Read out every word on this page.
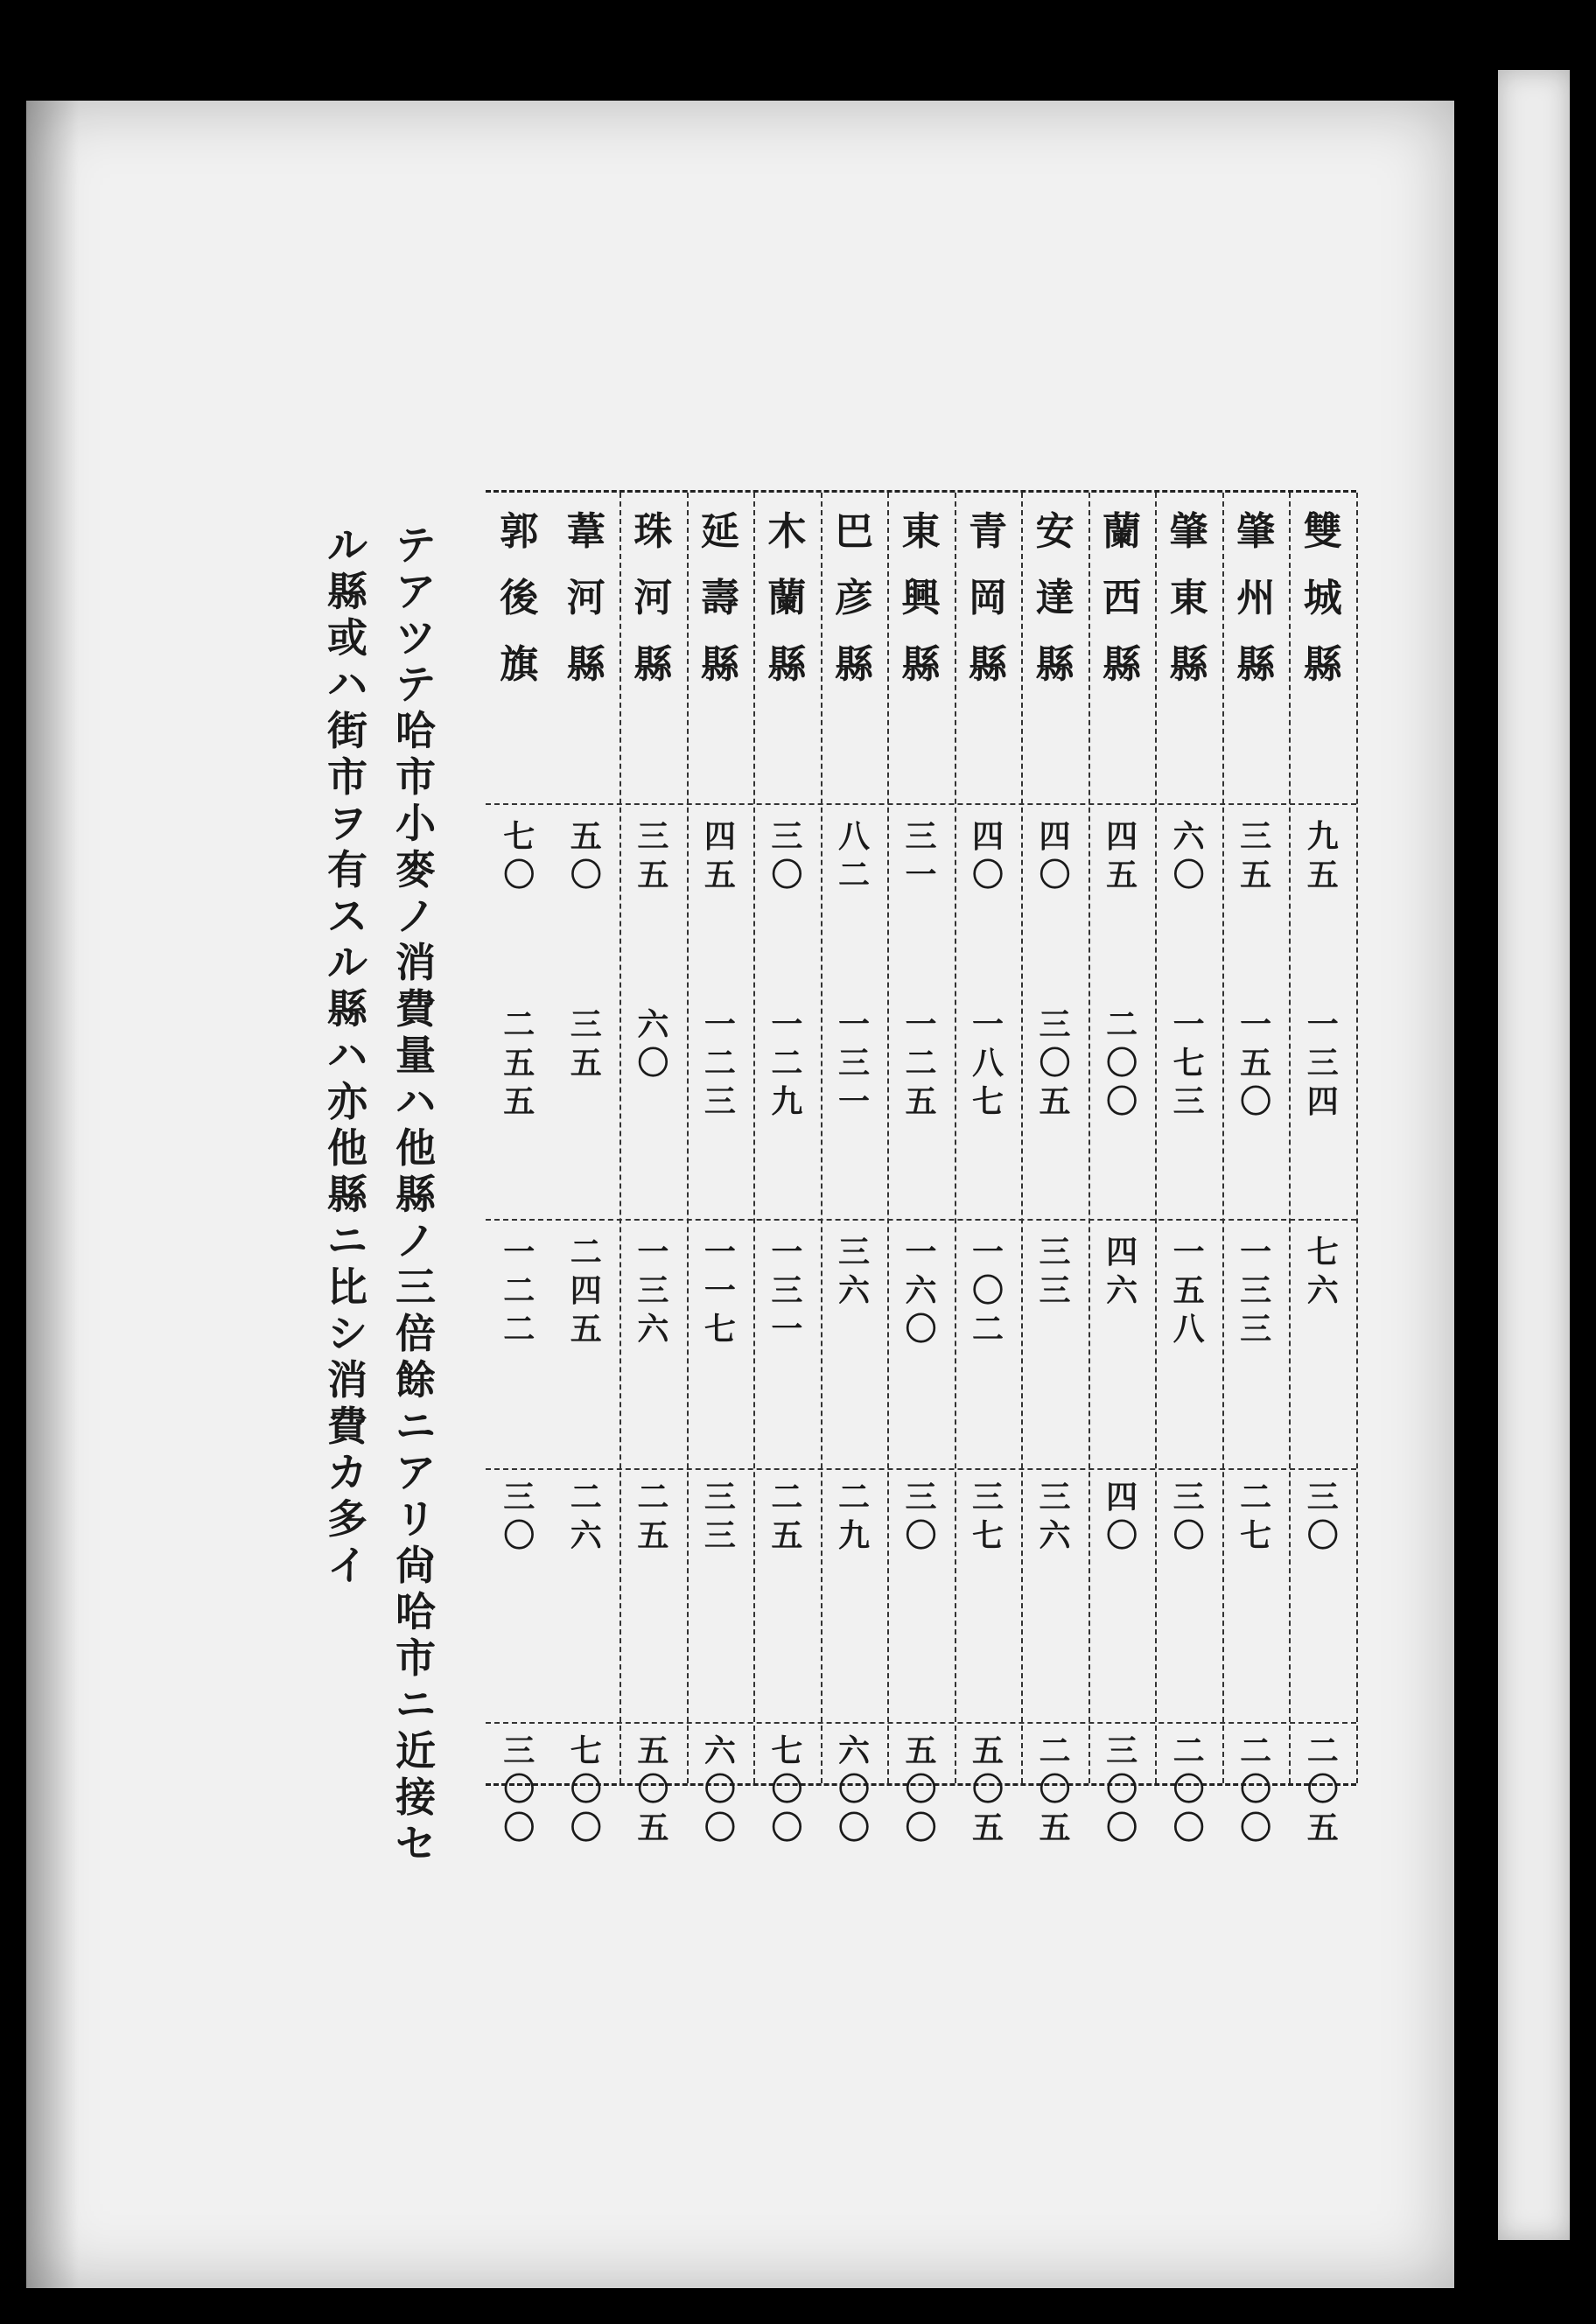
雙
城
縣
九
五
一
三
四
七
六
三
〇
二
〇
五
肇
州
縣
三
五
一
五
〇
一
三
三
二
七
二
〇
〇
肇
東
縣
六
〇
一
七
三
一
五
八
三
〇
二
〇
〇
蘭
西
縣
四
五
二
〇
〇
四
六
四
〇
三
〇
〇
安
達
縣
四
〇
三
〇
五
三
三
三
六
二
〇
五
青
岡
縣
四
〇
一
八
七
一
〇
二
三
七
五
〇
五
東
興
縣
三
一
一
二
五
一
六
〇
三
〇
五
〇
〇
巴
彦
縣
八
二
一
三
一
三
六
二
九
六
〇
〇
木
蘭
縣
三
〇
一
二
九
一
三
一
二
五
七
〇
〇
延
壽
縣
四
五
一
二
三
一
一
七
三
三
六
〇
〇
珠
河
縣
三
五
六
〇
一
三
六
二
五
五
〇
五
葦
河
縣
五
〇
三
五
二
四
五
二
六
七
〇
〇
郭
後
旗
七
〇
二
五
五
一
二
二
三
〇
三
〇
〇
テ
ア
ツ
テ
哈
市
小
麥
ノ
消
費
量
ハ
他
縣
ノ
三
倍
餘
ニ
ア
リ
尙
哈
市
ニ
近
接
セ
ル
縣
或
ハ
街
市
ヲ
有
ス
ル
縣
ハ
亦
他
縣
ニ
比
シ
消
費
カ
多
イ
